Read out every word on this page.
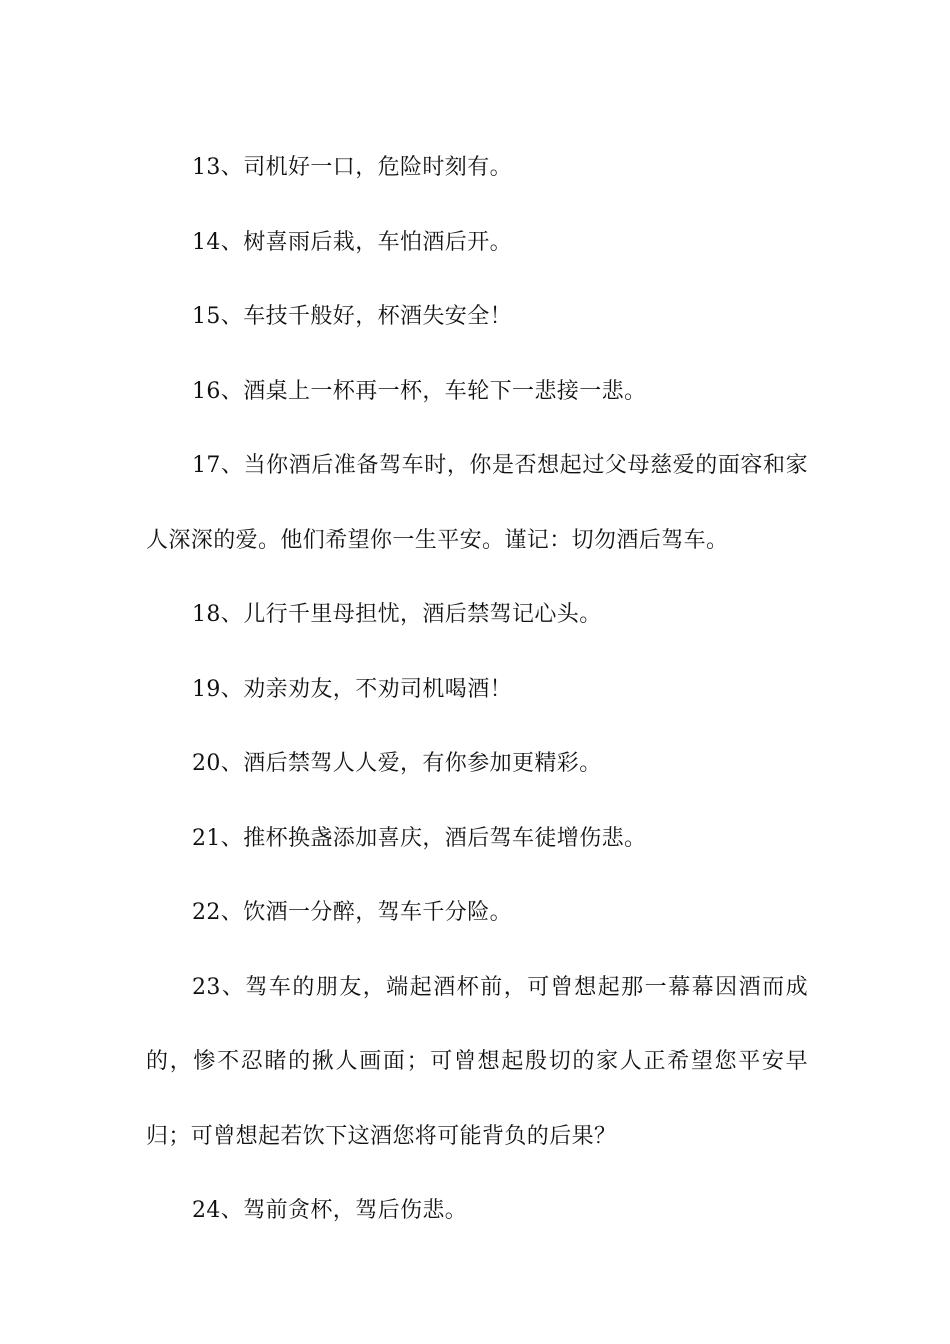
13、司机好一口，危险时刻有。

14、树喜雨后栽，车怕酒后开。

15、车技千般好，杯酒失安全！

16、酒桌上一杯再一杯，车轮下一悲接一悲。

17、当你酒后准备驾车时，你是否想起过父母慈爱的面容和家人深深的爱。他们希望你一生平安。谨记：切勿酒后驾车。

18、儿行千里母担忧，酒后禁驾记心头。

19、劝亲劝友，不劝司机喝酒！

20、酒后禁驾人人爱，有你参加更精彩。

21、推杯换盏添加喜庆，酒后驾车徒增伤悲。

22、饮酒一分醉，驾车千分险。

23、驾车的朋友，端起酒杯前，可曾想起那一幕幕因酒而成的，惨不忍睹的揪人画面；可曾想起殷切的家人正希望您平安早归；可曾想起若饮下这酒您将可能背负的后果？

24、驾前贪杯，驾后伤悲。
